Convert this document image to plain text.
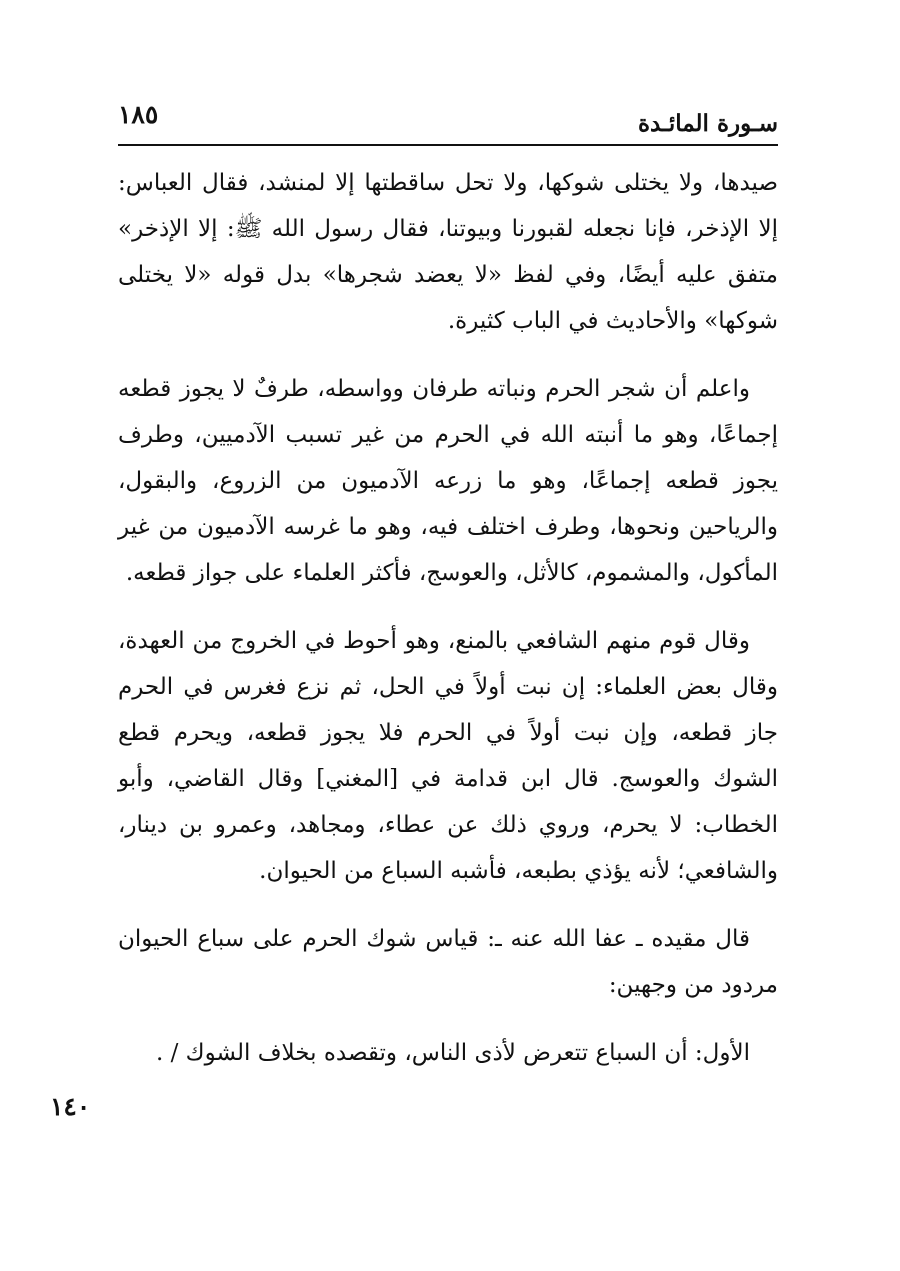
١٨٥	سـورة المائـدة

صيدها، ولا يختلى شوكها، ولا تحل ساقطتها إلا لمنشد، فقال العباس: إلا الإذخر، فإنا نجعله لقبورنا وبيوتنا، فقال رسول الله ﷺ: إلا الإذخر» متفق عليه أيضًا، وفي لفظ «لا يعضد شجرها» بدل قوله «لا يختلى شوكها» والأحاديث في الباب كثيرة.

واعلم أن شجر الحرم ونباته طرفان وواسطه، طرفٌ لا يجوز قطعه إجماعًا، وهو ما أنبته الله في الحرم من غير تسبب الآدميين، وطرف يجوز قطعه إجماعًا، وهو ما زرعه الآدميون من الزروع، والبقول، والرياحين ونحوها، وطرف اختلف فيه، وهو ما غرسه الآدميون من غير المأكول، والمشموم، كالأثل، والعوسج، فأكثر العلماء على جواز قطعه.

وقال قوم منهم الشافعي بالمنع، وهو أحوط في الخروج من العهدة، وقال بعض العلماء: إن نبت أولاً في الحل، ثم نزع فغرس في الحرم جاز قطعه، وإن نبت أولاً في الحرم فلا يجوز قطعه، ويحرم قطع الشوك والعوسج. قال ابن قدامة في [المغني] وقال القاضي، وأبو الخطاب: لا يحرم، وروي ذلك عن عطاء، ومجاهد، وعمرو بن دينار، والشافعي؛ لأنه يؤذي بطبعه، فأشبه السباع من الحيوان.

قال مقيده ـ عفا الله عنه ـ: قياس شوك الحرم على سباع الحيوان مردود من وجهين:

الأول: أن السباع تتعرض لأذى الناس، وتقصده بخلاف الشوك / .

١٤٠
